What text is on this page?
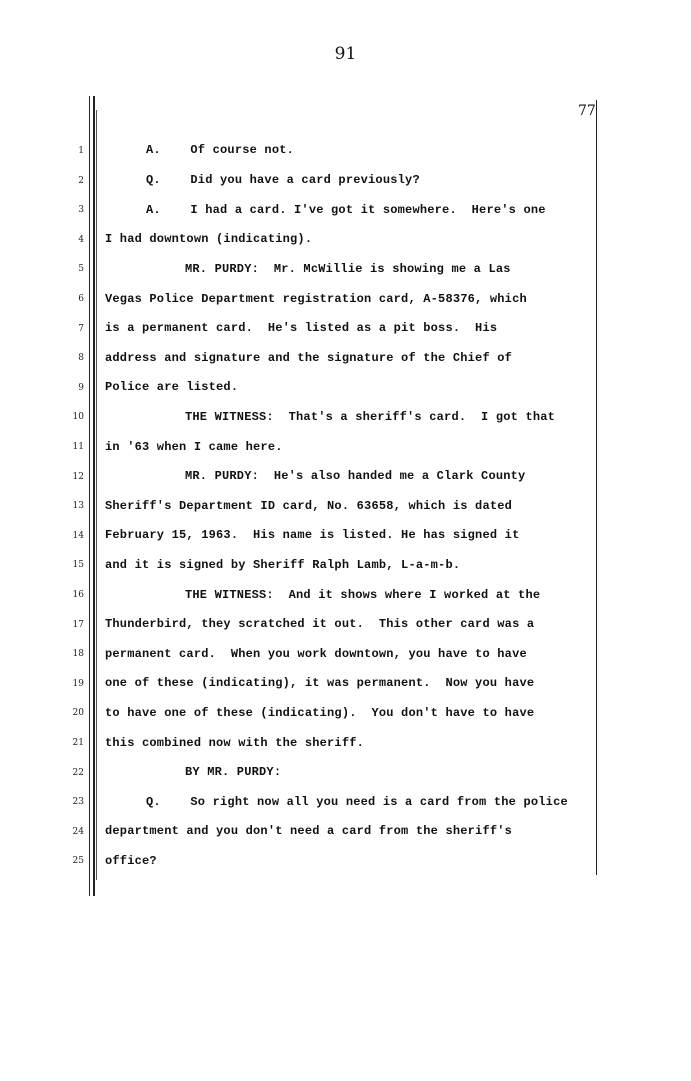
91
77
1
2
3
4
5
6
7
8
9
10
11
12
13
14
15
16
17
18
19
20
21
22
23
24
25
A.    Of course not.
Q.    Did you have a card previously?
A.    I had a card. I've got it somewhere.  Here's one
I had downtown (indicating).
MR. PURDY:  Mr. McWillie is showing me a Las
Vegas Police Department registration card, A-58376, which
is a permanent card.  He's listed as a pit boss.  His
address and signature and the signature of the Chief of
Police are listed.
THE WITNESS:  That's a sheriff's card.  I got that
in '63 when I came here.
MR. PURDY:  He's also handed me a Clark County
Sheriff's Department ID card, No. 63658, which is dated
February 15, 1963.  His name is listed. He has signed it
and it is signed by Sheriff Ralph Lamb, L-a-m-b.
THE WITNESS:  And it shows where I worked at the
Thunderbird, they scratched it out.  This other card was a
permanent card.  When you work downtown, you have to have
one of these (indicating), it was permanent.  Now you have
to have one of these (indicating).  You don't have to have
this combined now with the sheriff.
BY MR. PURDY:
Q.    So right now all you need is a card from the police
department and you don't need a card from the sheriff's
office?
